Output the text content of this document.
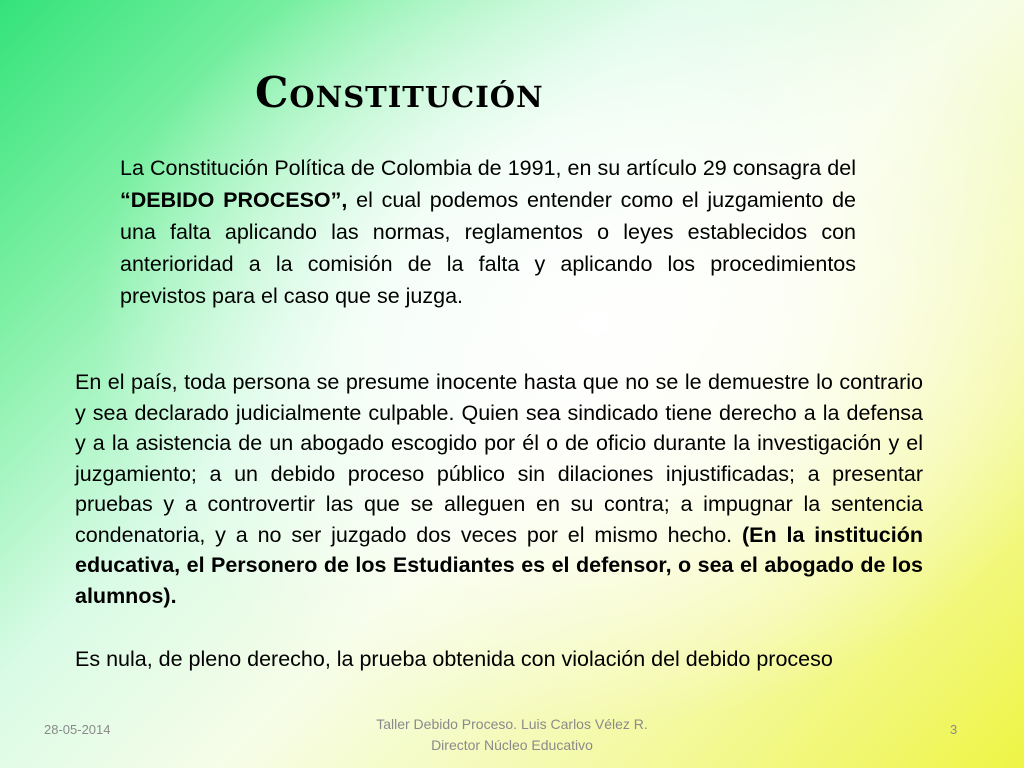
Constitución

La Constitución Política de Colombia de 1991, en su artículo 29 consagra del “DEBIDO PROCESO”, el cual podemos entender como el juzgamiento de una falta aplicando las normas, reglamentos o leyes establecidos con anterioridad a la comisión de la falta y aplicando los procedimientos previstos para el caso que se juzga.

En el país, toda persona se presume inocente hasta que no se le demuestre lo contrario y sea declarado judicialmente culpable. Quien sea sindicado tiene derecho a la defensa y a la asistencia de un abogado escogido por él o de oficio durante la investigación y el juzgamiento; a un debido proceso público sin dilaciones injustificadas; a presentar pruebas y a controvertir las que se alleguen en su contra; a impugnar la sentencia condenatoria, y a no ser juzgado dos veces por el mismo hecho. (En la institución educativa, el Personero de los Estudiantes es el defensor, o sea el abogado de los alumnos).

Es nula, de pleno derecho, la prueba obtenida con violación del debido proceso

28-05-2014	Taller Debido Proceso. Luis Carlos Vélez R.
Director Núcleo Educativo
3
